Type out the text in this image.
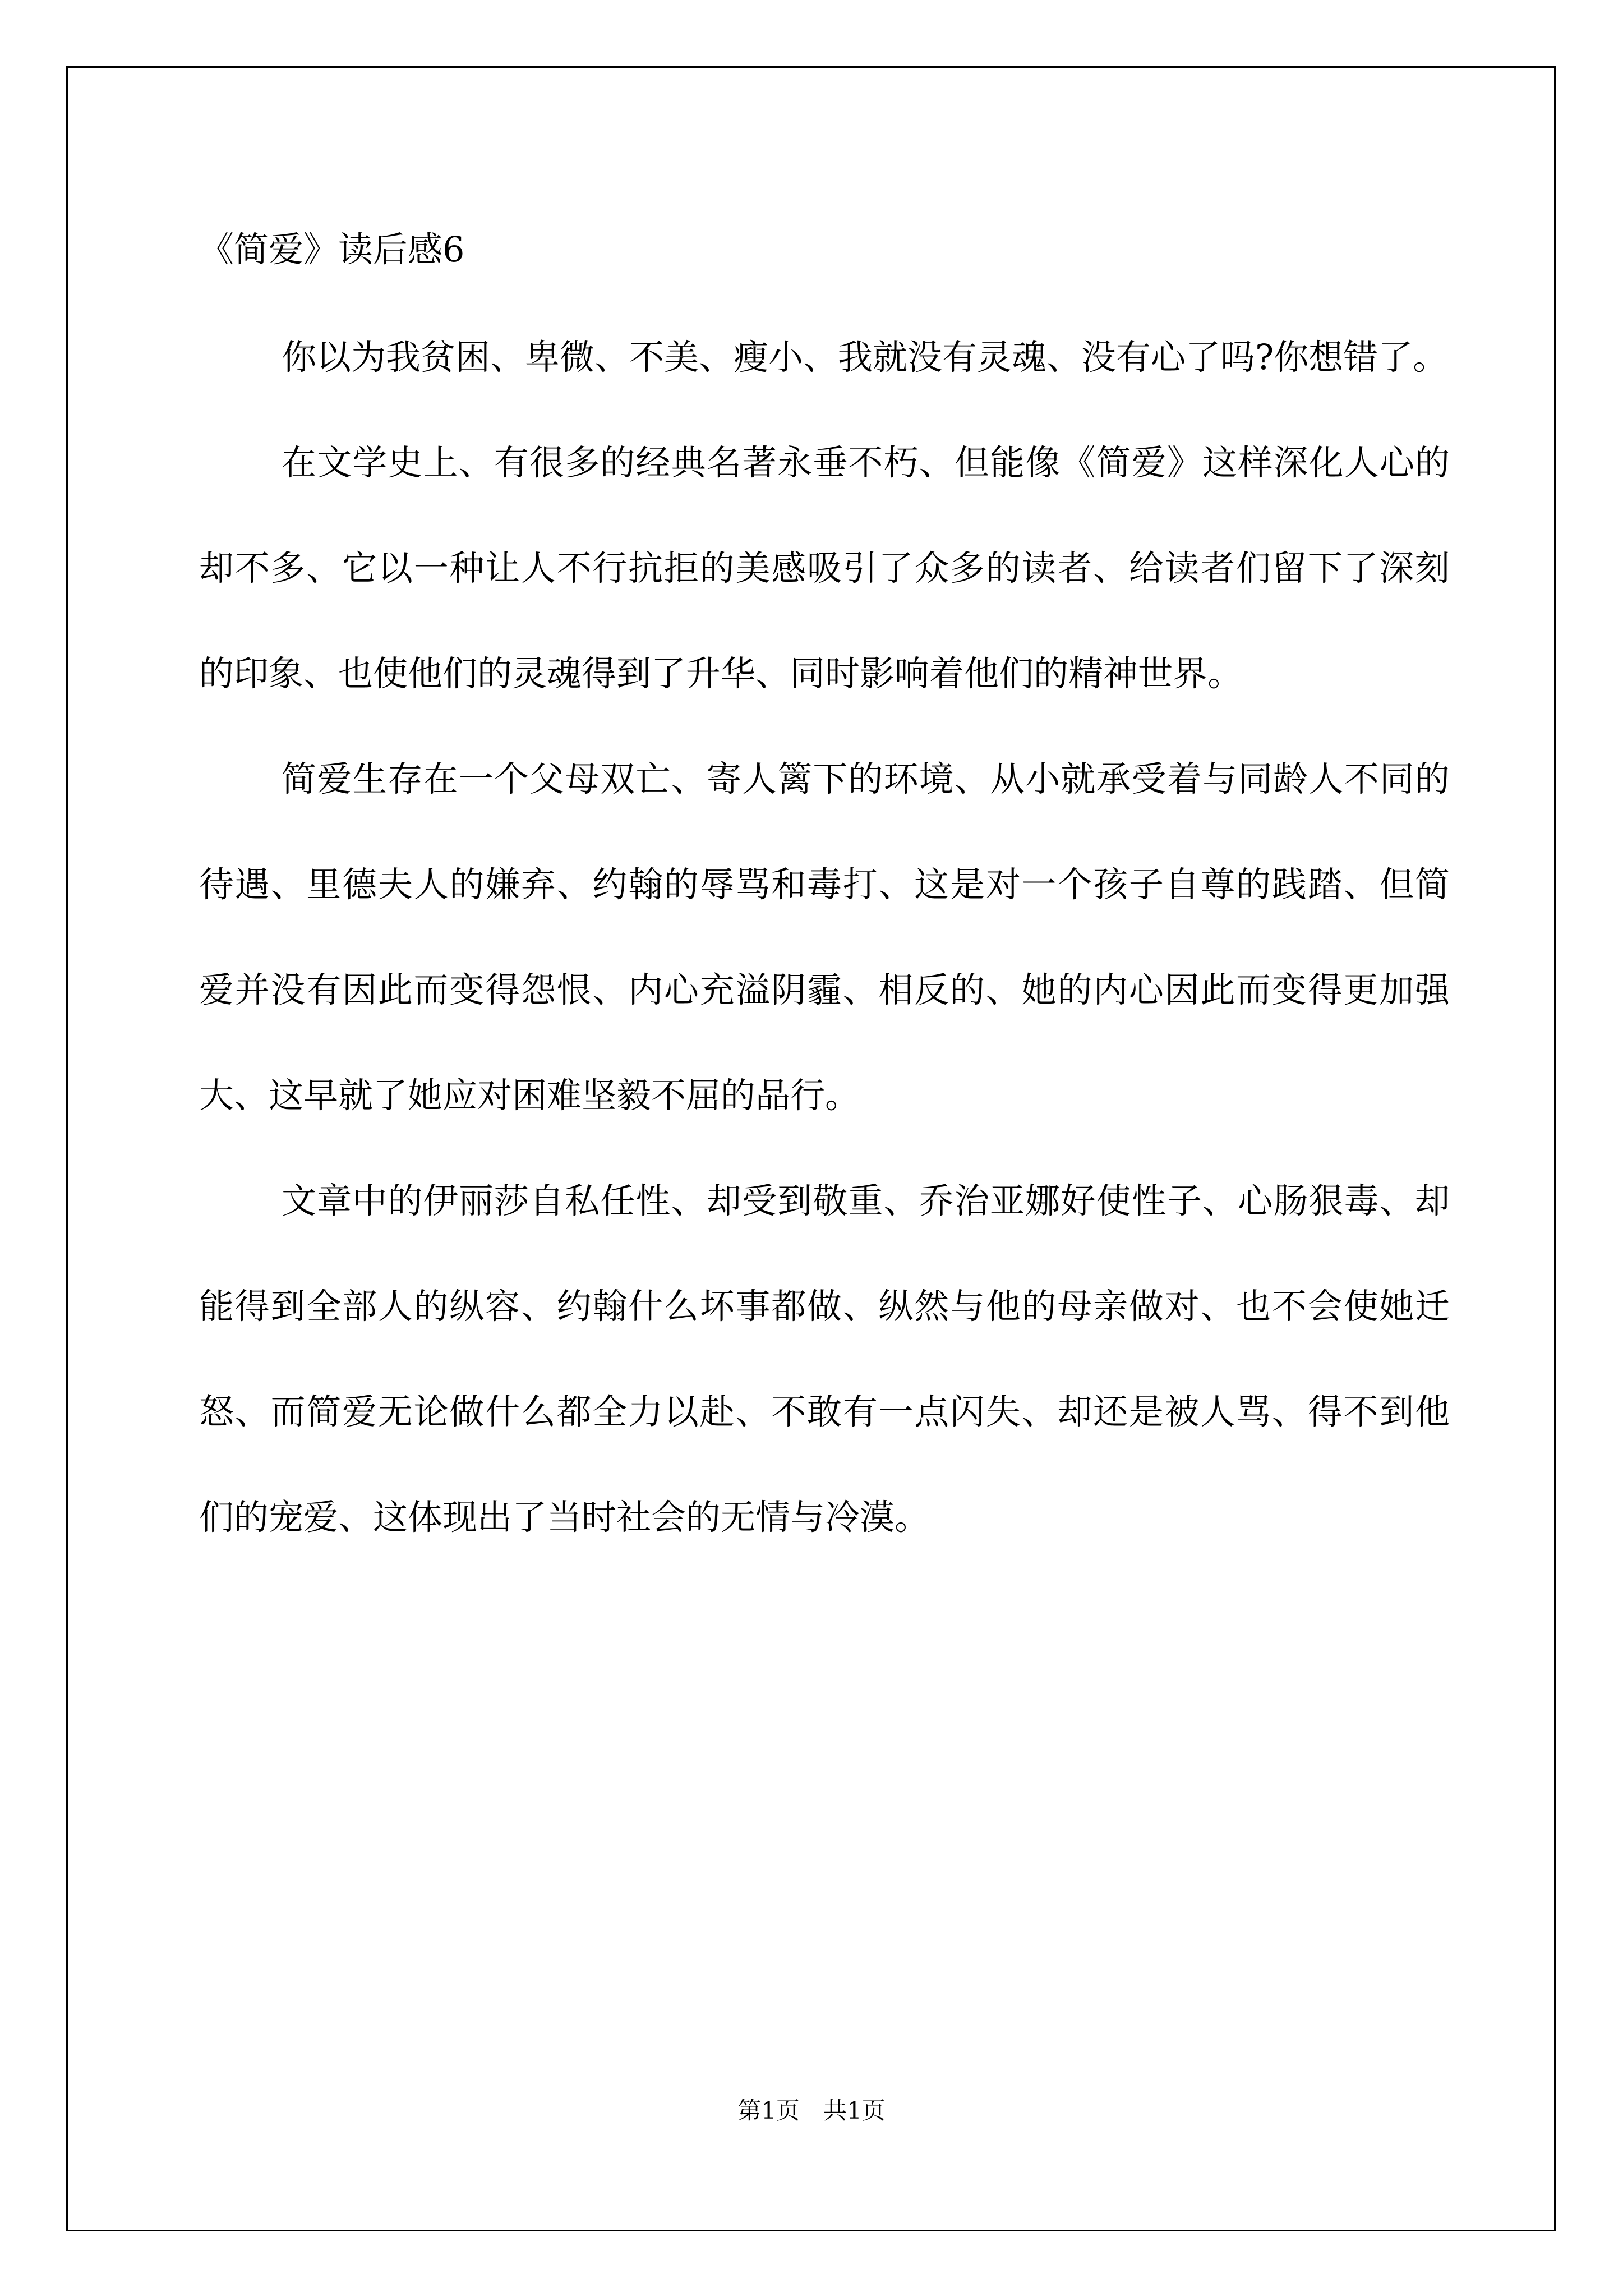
《简爱》读后感6

你以为我贫困、卑微、不美、瘦小、我就没有灵魂、没有心了吗?你想错了。

在文学史上、有很多的经典名著永垂不朽、但能像《简爱》这样深化人心的却不多、它以一种让人不行抗拒的美感吸引了众多的读者、给读者们留下了深刻的印象、也使他们的灵魂得到了升华、同时影响着他们的精神世界。

简爱生存在一个父母双亡、寄人篱下的环境、从小就承受着与同龄人不同的待遇、里德夫人的嫌弃、约翰的辱骂和毒打、这是对一个孩子自尊的践踏、但简爱并没有因此而变得怨恨、内心充溢阴霾、相反的、她的内心因此而变得更加强大、这早就了她应对困难坚毅不屈的品行。

文章中的伊丽莎自私任性、却受到敬重、乔治亚娜好使性子、心肠狠毒、却能得到全部人的纵容、约翰什么坏事都做、纵然与他的母亲做对、也不会使她迁怒、而简爱无论做什么都全力以赴、不敢有一点闪失、却还是被人骂、得不到他们的宠爱、这体现出了当时社会的无情与冷漠。

第1页　共1页
